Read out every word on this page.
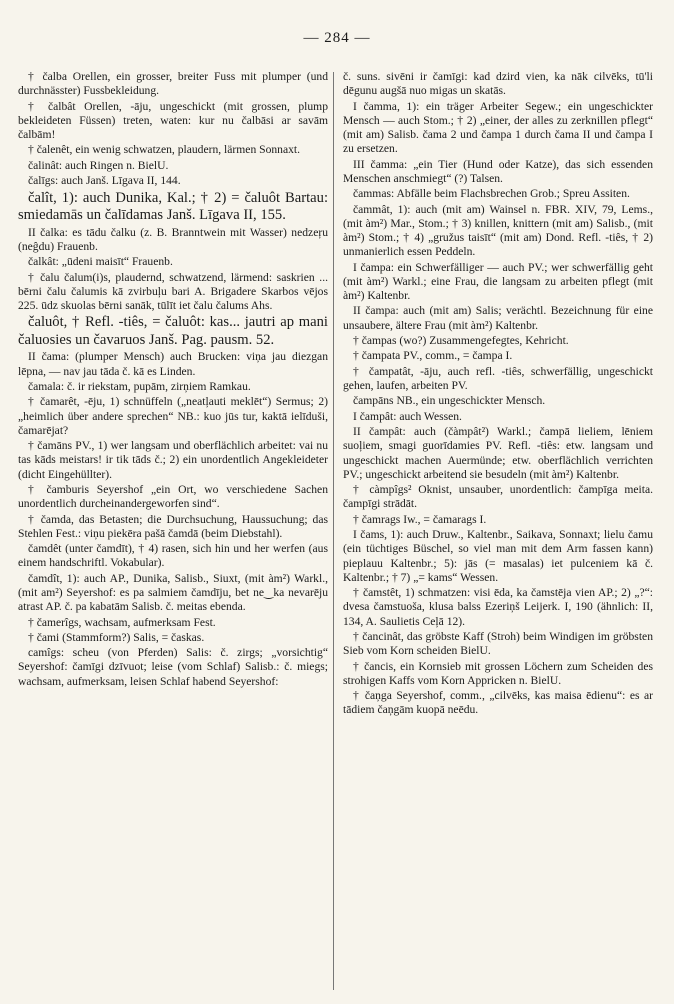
— 284 —

† čalba Orellen, ein grosser, breiter Fuss mit plumper (und durchnässter) Fussbekleidung.

† čalbât Orellen, -āju, ungeschickt (mit grossen, plump bekleideten Füssen) treten, waten: kur nu čalbāsi ar savām čalbām!

† čalenêt, ein wenig schwatzen, plaudern, lärmen Sonnaxt.

čalinât: auch Ringen n. BielU.

čalīgs: auch Janš. Līgava II, 144.

čalît, 1): auch Dunika, Kal.; † 2) = čaluôt Bartau: smiedamās un čalīdamas Janš. Līgava II, 155.

II čalka: es tādu čalku (z. B. Branntwein mit Wasser) nedzeŗu (neĝdu) Frauenb.

čalkât: „ūdeni maisīt“ Frauenb.

† čalu čalum(i)s, plaudernd, schwatzend, lärmend: saskrien ... bērni čalu čalumis kā zvirbuļu bari A. Brigadere Skarbos vējos 225. ūdz skuolas bērni sanāk, tūlīt iet čalu čalums Ahs.

čaluôt, † Refl. -tiês, = čaluôt: kas... jautri ap mani čaluosies un čavaruos Janš. Pag. pausm. 52.

II čama: (plumper Mensch) auch Brucken: viņa jau diezgan lēpna, — nav jau tāda č. kā es Linden.

čamala: č. ir riekstam, pupām, zirņiem Ramkau.

† čamarêt, -ēju, 1) schnüffeln („neatļauti meklēt“) Sermus; 2) „heimlich über andere sprechen“ NB.: kuo jūs tur, kaktā ielīduši, čamarējat?

† čamāns PV., 1) wer langsam und oberflächlich arbeitet: vai nu tas kāds meistars! ir tik tāds č.; 2) ein unordentlich Angekleideter (dicht Eingehüllter).

† čamburis Seyershof „ein Ort, wo verschiedene Sachen unordentlich durcheinandergeworfen sind“.

† čamda, das Betasten; die Durchsuchung, Haussuchung; das Stehlen Fest.: viņu piekēra pašā čamdā (beim Diebstahl).

čamdêt (unter čamdīt), † 4) rasen, sich hin und her werfen (aus einem handschriftl. Vokabular).

čamdît, 1): auch AP., Dunika, Salisb., Siuxt, (mit àm²) Warkl., (mit am²) Seyershof: es pa salmiem čamdīju, bet ne‿ka nevarēju atrast AP. č. pa kabatām Salisb. č. meitas ebenda.

† čamerîgs, wachsam, aufmerksam Fest.

† čami (Stammform?) Salis, = časkas.

camîgs: scheu (von Pferden) Salis: č. zirgs; „vorsichtig“ Seyershof: čamīgi dzīvuot; leise (vom Schlaf) Salisb.: č. miegs; wachsam, aufmerksam, leisen Schlaf habend Seyershof:

č. suns. sivēni ir čamīgi: kad dzird vien, ka nāk cilvēks, tū'li dēgunu augšā nuo migas un skatās.

I čamma, 1): ein träger Arbeiter Segew.; ein ungeschickter Mensch — auch Stom.; † 2) „einer, der alles zu zerknillen pflegt“ (mit am) Salisb. čama 2 und čampa 1 durch čama II und čampa I zu ersetzen.

III čamma: „ein Tier (Hund oder Katze), das sich essenden Menschen anschmiegt“ (?) Talsen.

čammas: Abfälle beim Flachsbrechen Grob.; Spreu Assiten.

čammât, 1): auch (mit am) Wainsel n. FBR. XIV, 79, Lems., (mit àm²) Mar., Stom.; † 3) knillen, knittern (mit am) Salisb., (mit àm²) Stom.; † 4) „gružus taisīt“ (mit am) Dond. Refl. -tiês, † 2) unmanierlich essen Peddeln.

I čampa: ein Schwerfälliger — auch PV.; wer schwerfällig geht (mit àm²) Warkl.; eine Frau, die langsam zu arbeiten pflegt (mit àm²) Kaltenbr.

II čampa: auch (mit am) Salis; verächtl. Bezeichnung für eine unsaubere, ältere Frau (mit àm²) Kaltenbr.

† čampas (wo?) Zusammengefegtes, Kehricht.

† čampata PV., comm., = čampa I.

† čampatât, -āju, auch refl. -tiês, schwerfällig, ungeschickt gehen, laufen, arbeiten PV.

čampāns NB., ein ungeschickter Mensch.

I čampât: auch Wessen.

II čampât: auch (čàmpât²) Warkl.; čampā lieliem, lēniem suoļiem, smagi guorīdamies PV. Refl. -tiês: etw. langsam und ungeschickt machen Auermünde; etw. oberflächlich verrichten PV.; ungeschickt arbeitend sie besudeln (mit àm²) Kaltenbr.

† càmpîgs² Oknist, unsauber, unordentlich: čampīga meita. čampīgi strādāt.

† čamrags Iw., = čamarags I.

I čams, 1): auch Druw., Kaltenbr., Saikava, Sonnaxt; lielu čamu (ein tüchtiges Büschel, so viel man mit dem Arm fassen kann) pieplauu Kaltenbr.; 5): jās (= masalas) iet pulceniem kā č. Kaltenbr.; † 7) „= kams“ Wessen.

† čamstêt, 1) schmatzen: visi ēda, ka čamstēja vien AP.; 2) „?“: dvesa čamstuoša, klusa balss Ezeriņš Leijerk. I, 190 (ähnlich: II, 134, A. Saulietis Ceļā 12).

† čancinât, das gröbste Kaff (Stroh) beim Windigen im gröbsten Sieb vom Korn scheiden BielU.

† čancis, ein Kornsieb mit grossen Löchern zum Scheiden des strohigen Kaffs vom Korn Appricken n. BielU.

† čaņga Seyershof, comm., „cilvēks, kas maisa ēdienu“: es ar tādiem čaņgām kuopā neēdu.
